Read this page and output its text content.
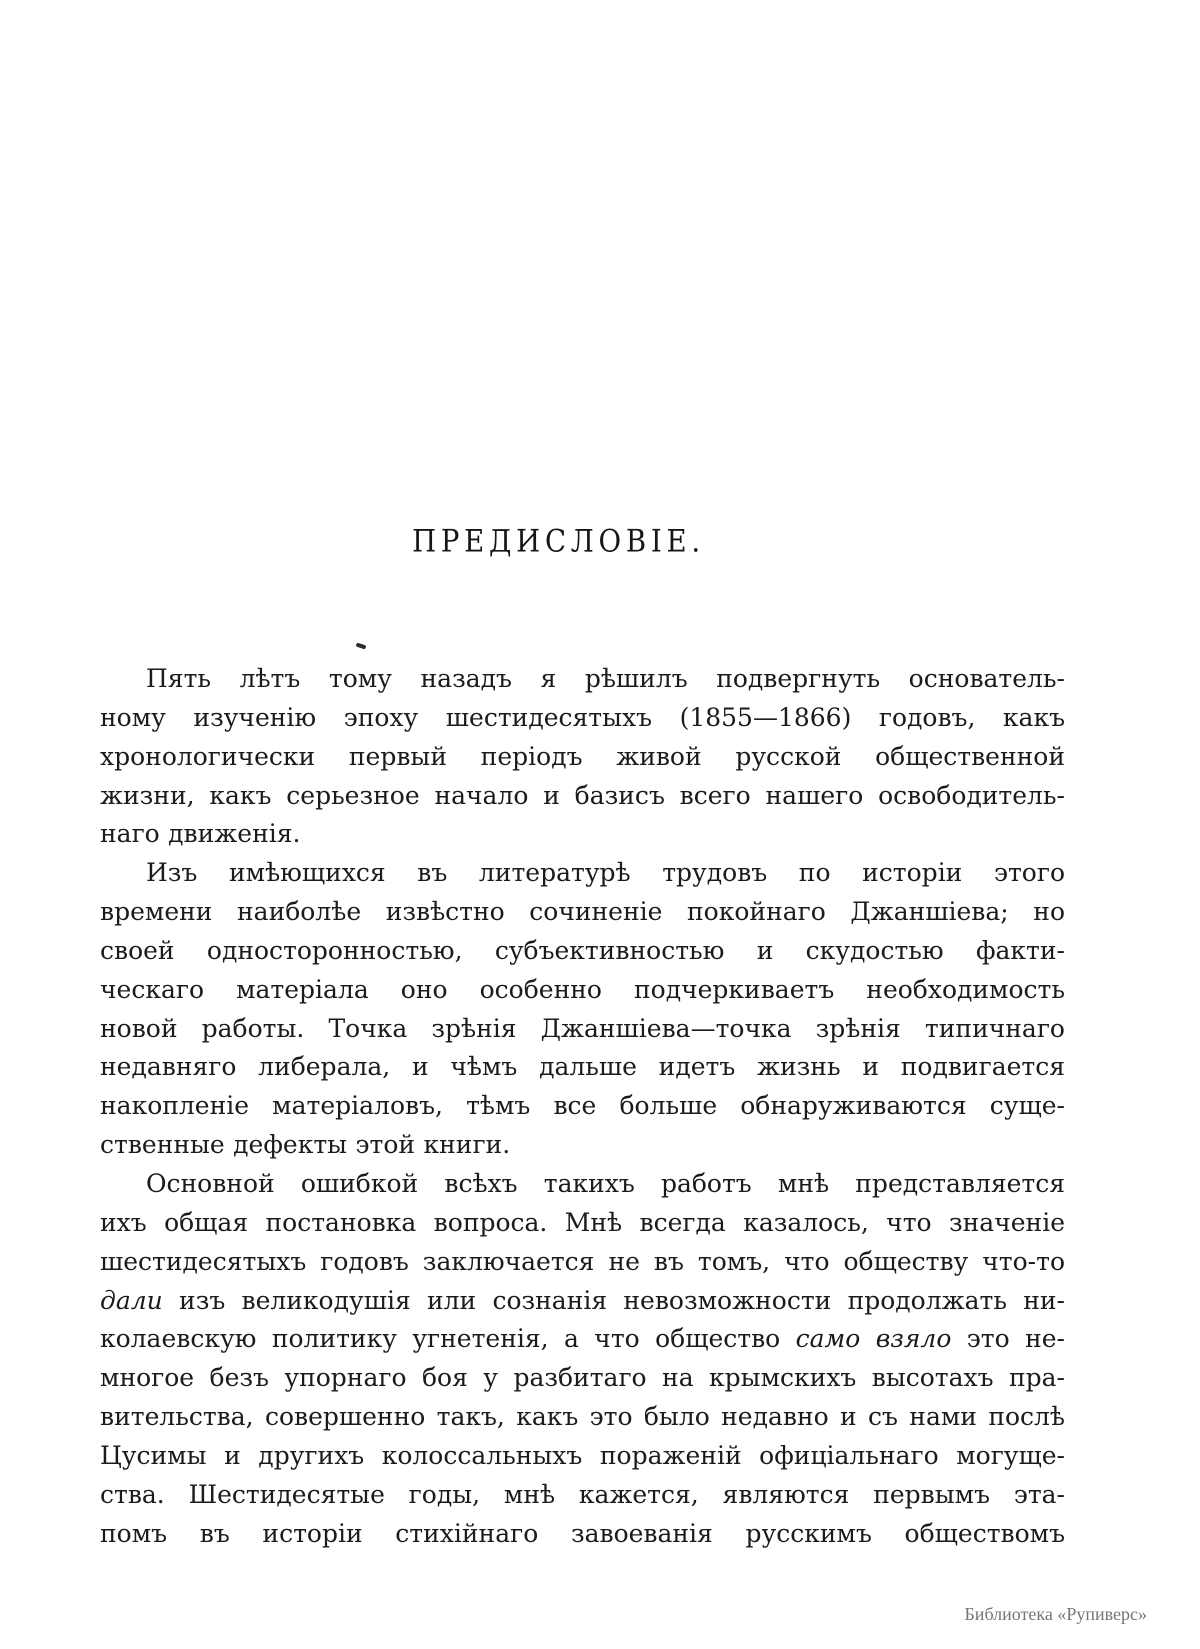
ПРЕДИСЛОВІЕ.
Пять лѣтъ тому назадъ я рѣшилъ подвергнуть основатель-
ному изученію эпоху шестидесятыхъ (1855—1866) годовъ, какъ
хронологически первый періодъ живой русской общественной
жизни, какъ серьезное начало и базисъ всего нашего освободитель-
наго движенія.
Изъ имѣющихся въ литературѣ трудовъ по исторіи этого
времени наиболѣе извѣстно сочиненіе покойнаго Джаншіева; но
своей односторонностью, субъективностью и скудостью факти-
ческаго матеріала оно особенно подчеркиваетъ необходимость
новой работы. Точка зрѣнія Джаншіева—точка зрѣнія типичнаго
недавняго либерала, и чѣмъ дальше идетъ жизнь и подвигается
накопленіе матеріаловъ, тѣмъ все больше обнаруживаются суще-
ственные дефекты этой книги.
Основной ошибкой всѣхъ такихъ работъ мнѣ представляется
ихъ общая постановка вопроса. Мнѣ всегда казалось, что значеніе
шестидесятыхъ годовъ заключается не въ томъ, что обществу что-то
дали изъ великодушія или сознанія невозможности продолжать ни-
колаевскую политику угнетенія, а что общество само взяло это не-
многое безъ упорнаго боя у разбитаго на крымскихъ высотахъ пра-
вительства, совершенно такъ, какъ это было недавно и съ нами послѣ
Цусимы и другихъ колоссальныхъ пораженій офиціальнаго могуще-
ства. Шестидесятые годы, мнѣ кажется, являются первымъ эта-
помъ въ исторіи стихійнаго завоеванія русскимъ обществомъ
Библиотека «Рупиверс»
